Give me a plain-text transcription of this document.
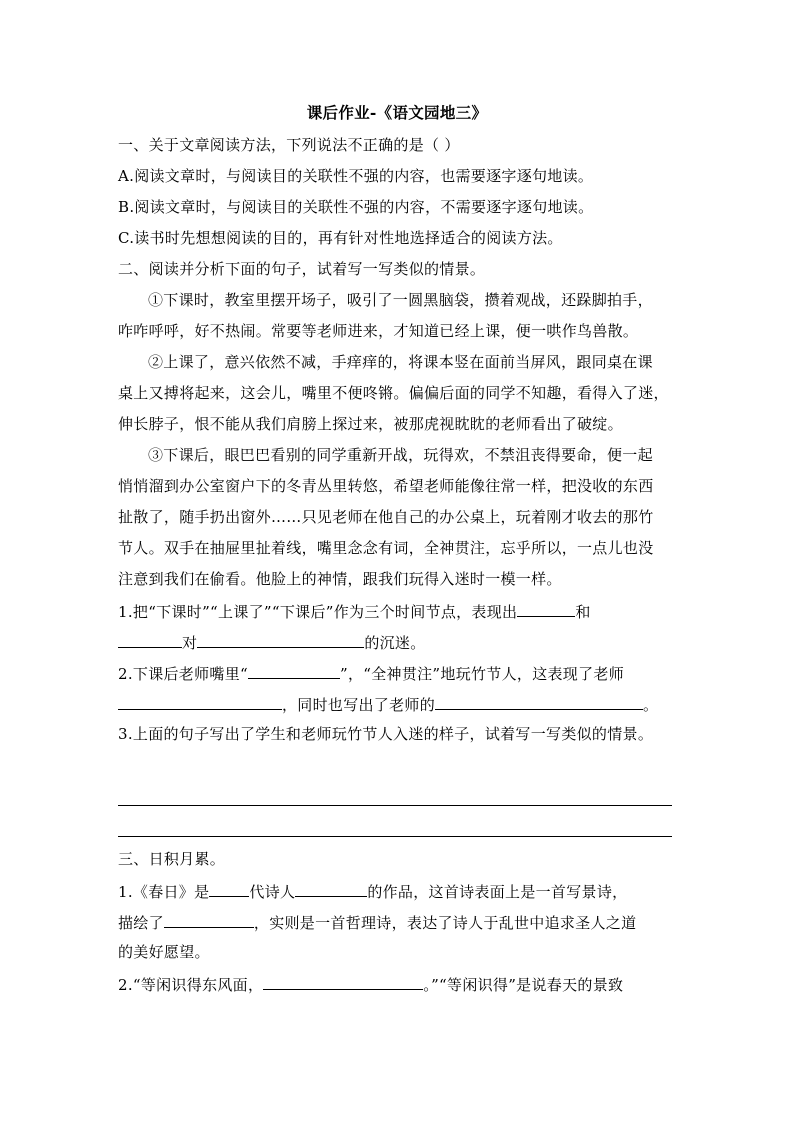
课后作业-《语文园地三》
一、关于文章阅读方法，下列说法不正确的是（ ）
A.阅读文章时，与阅读目的关联性不强的内容，也需要逐字逐句地读。
B.阅读文章时，与阅读目的关联性不强的内容，不需要逐字逐句地读。
C.读书时先想想阅读的目的，再有针对性地选择适合的阅读方法。
二、阅读并分析下面的句子，试着写一写类似的情景。
①下课时，教室里摆开场子，吸引了一圆黑脑袋，攒着观战，还跺脚拍手，
咋咋呼呼，好不热闹。常要等老师进来，才知道已经上课，便一哄作鸟兽散。
②上课了，意兴依然不减，手痒痒的，将课本竖在面前当屏风，跟同桌在课
桌上又搏将起来，这会儿，嘴里不便咚锵。偏偏后面的同学不知趣，看得入了迷，
伸长脖子，恨不能从我们肩膀上探过来，被那虎视眈眈的老师看出了破绽。
③下课后，眼巴巴看别的同学重新开战，玩得欢，不禁沮丧得要命，便一起
悄悄溜到办公室窗户下的冬青丛里转悠，希望老师能像往常一样，把没收的东西
扯散了，随手扔出窗外……只见老师在他自己的办公桌上，玩着刚才收去的那竹
节人。双手在抽屉里扯着线，嘴里念念有词，全神贯注，忘乎所以，一点儿也没
注意到我们在偷看。他脸上的神情，跟我们玩得入迷时一模一样。
1.把“下课时”“上课了”“下课后”作为三个时间节点，表现出	和
对	的沉迷。
2.下课后老师嘴里“	”，“全神贯注”地玩竹节人，这表现了老师
，同时也写出了老师的	。
3.上面的句子写出了学生和老师玩竹节人入迷的样子，试着写一写类似的情景。
三、日积月累。
1.《春日》是	代诗人	的作品，这首诗表面上是一首写景诗，
描绘了	，实则是一首哲理诗，表达了诗人于乱世中追求圣人之道
的美好愿望。
2.“等闲识得东风面，	。”“等闲识得”是说春天的景致
